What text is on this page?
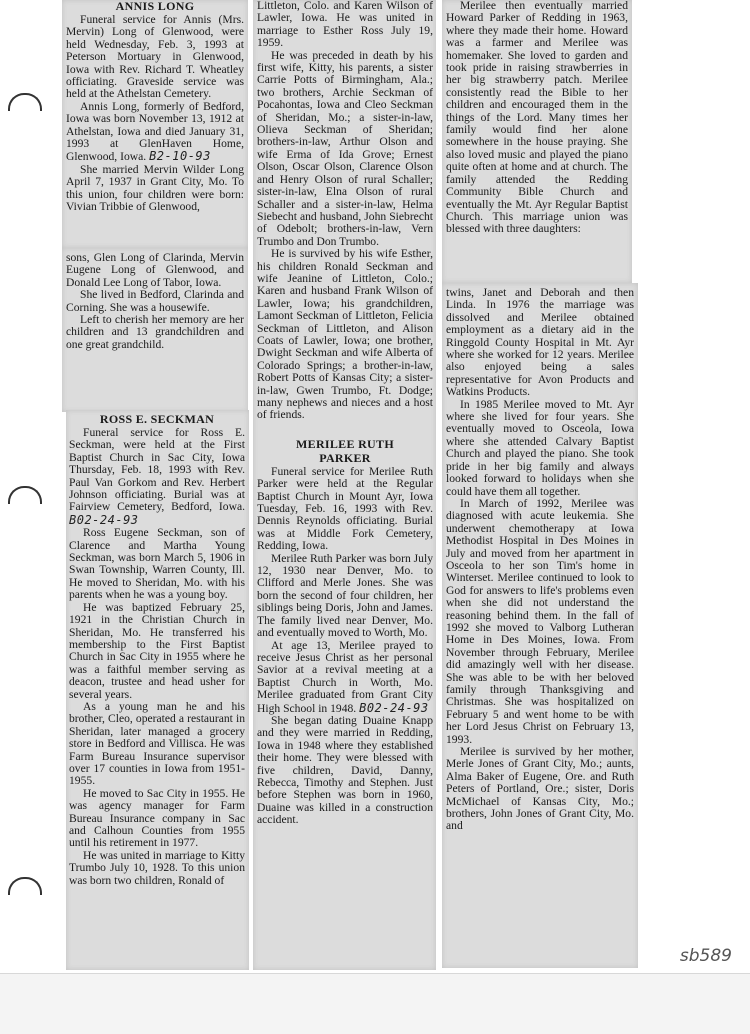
ANNIS LONG

Funeral service for Annis (Mrs. Mervin) Long of Glenwood, were held Wednesday, Feb. 3, 1993 at Peterson Mortuary in Glenwood, Iowa with Rev. Richard T. Wheatley officiating. Graveside service was held at the Athelstan Cemetery.

Annis Long, formerly of Bedford, Iowa was born November 13, 1912 at Athelstan, Iowa and died January 31, 1993 at GlenHaven Home, Glenwood, Iowa. B2-10-93

She married Mervin Wilder Long April 7, 1937 in Grant City, Mo. To this union, four children were born: Vivian Tribbie of Glenwood,

sons, Glen Long of Clarinda, Mervin Eugene Long of Glenwood, and Donald Lee Long of Tabor, Iowa.

She lived in Bedford, Clarinda and Corning. She was a housewife.

Left to cherish her memory are her children and 13 grandchildren and one great grandchild.

ROSS E. SECKMAN

Funeral service for Ross E. Seckman, were held at the First Baptist Church in Sac City, Iowa Thursday, Feb. 18, 1993 with Rev. Paul Van Gorkom and Rev. Herbert Johnson officiating. Burial was at Fairview Cemetery, Bedford, Iowa. B02-24-93

Ross Eugene Seckman, son of Clarence and Martha Young Seckman, was born March 5, 1906 in Swan Township, Warren County, Ill. He moved to Sheridan, Mo. with his parents when he was a young boy.

He was baptized February 25, 1921 in the Christian Church in Sheridan, Mo. He transferred his membership to the First Baptist Church in Sac City in 1955 where he was a faithful member serving as deacon, trustee and head usher for several years.

As a young man he and his brother, Cleo, operated a restaurant in Sheridan, later managed a grocery store in Bedford and Villisca. He was Farm Bureau Insurance supervisor over 17 counties in Iowa from 1951-1955.

He moved to Sac City in 1955. He was agency manager for Farm Bureau Insurance company in Sac and Calhoun Counties from 1955 until his retirement in 1977.

He was united in marriage to Kitty Trumbo July 10, 1928. To this union was born two children, Ronald of

Littleton, Colo. and Karen Wilson of Lawler, Iowa. He was united in marriage to Esther Ross July 19, 1959.

He was preceded in death by his first wife, Kitty, his parents, a sister Carrie Potts of Birmingham, Ala.; two brothers, Archie Seckman of Pocahontas, Iowa and Cleo Seckman of Sheridan, Mo.; a sister-in-law, Olieva Seckman of Sheridan; brothers-in-law, Arthur Olson and wife Erma of Ida Grove; Ernest Olson, Oscar Olson, Clarence Olson and Henry Olson of rural Schaller; sister-in-law, Elna Olson of rural Schaller and a sister-in-law, Helma Siebecht and husband, John Siebrecht of Odebolt; brothers-in-law, Vern Trumbo and Don Trumbo.

He is survived by his wife Esther, his children Ronald Seckman and wife Jeanine of Littleton, Colo.; Karen and husband Frank Wilson of Lawler, Iowa; his grandchildren, Lamont Seckman of Littleton, Felicia Seckman of Littleton, and Alison Coats of Lawler, Iowa; one brother, Dwight Seckman and wife Alberta of Colorado Springs; a brother-in-law, Robert Potts of Kansas City; a sister-in-law, Gwen Trumbo, Ft. Dodge; many nephews and nieces and a host of friends.

MERILEE RUTH
PARKER

Funeral service for Merilee Ruth Parker were held at the Regular Baptist Church in Mount Ayr, Iowa Tuesday, Feb. 16, 1993 with Rev. Dennis Reynolds officiating. Burial was at Middle Fork Cemetery, Redding, Iowa.

Merilee Ruth Parker was born July 12, 1930 near Denver, Mo. to Clifford and Merle Jones. She was born the second of four children, her siblings being Doris, John and James. The family lived near Denver, Mo. and eventually moved to Worth, Mo.

At age 13, Merilee prayed to receive Jesus Christ as her personal Savior at a revival meeting at a Baptist Church in Worth, Mo. Merilee graduated from Grant City High School in 1948. B02-24-93

She began dating Duaine Knapp and they were married in Redding, Iowa in 1948 where they established their home. They were blessed with five children, David, Danny, Rebecca, Timothy and Stephen. Just before Stephen was born in 1960, Duaine was killed in a construction accident.

Merilee then eventually married Howard Parker of Redding in 1963, where they made their home. Howard was a farmer and Merilee was homemaker. She loved to garden and took pride in raising strawberries in her big strawberry patch. Merilee consistently read the Bible to her children and encouraged them in the things of the Lord. Many times her family would find her alone somewhere in the house praying. She also loved music and played the piano quite often at home and at church. The family attended the Redding Community Bible Church and eventually the Mt. Ayr Regular Baptist Church. This marriage union was blessed with three daughters:

twins, Janet and Deborah and then Linda. In 1976 the marriage was dissolved and Merilee obtained employment as a dietary aid in the Ringgold County Hospital in Mt. Ayr where she worked for 12 years. Merilee also enjoyed being a sales representative for Avon Products and Watkins Products.

In 1985 Merilee moved to Mt. Ayr where she lived for four years. She eventually moved to Osceola, Iowa where she attended Calvary Baptist Church and played the piano. She took pride in her big family and always looked forward to holidays when she could have them all together.

In March of 1992, Merilee was diagnosed with acute leukemia. She underwent chemotherapy at Iowa Methodist Hospital in Des Moines in July and moved from her apartment in Osceola to her son Tim's home in Winterset. Merilee continued to look to God for answers to life's problems even when she did not understand the reasoning behind them. In the fall of 1992 she moved to Valborg Lutheran Home in Des Moines, Iowa. From November through February, Merilee did amazingly well with her disease. She was able to be with her beloved family through Thanksgiving and Christmas. She was hospitalized on February 5 and went home to be with her Lord Jesus Christ on February 13, 1993.

Merilee is survived by her mother, Merle Jones of Grant City, Mo.; aunts, Alma Baker of Eugene, Ore. and Ruth Peters of Portland, Ore.; sister, Doris McMichael of Kansas City, Mo.; brothers, John Jones of Grant City, Mo. and

sb589
